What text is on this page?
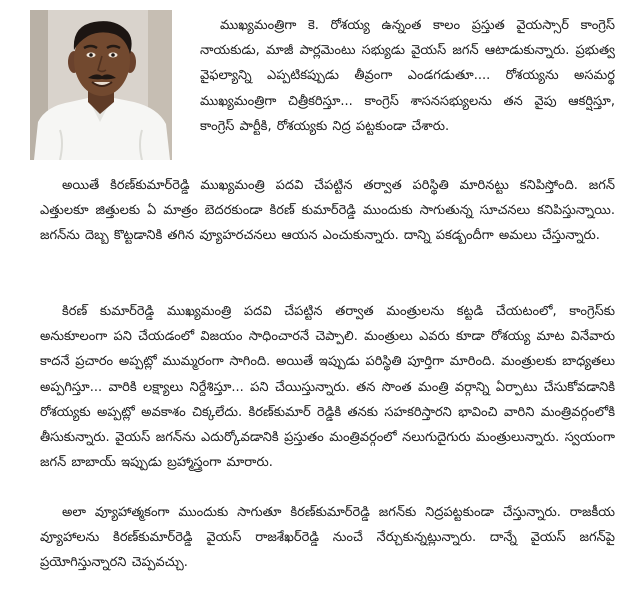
ముఖ్యమంత్రిగా కె. రోశయ్య ఉన్నంత కాలం ప్రస్తుత వైయస్సార్ కాంగ్రెస్ నాయకుడు, మాజీ పార్లమెంటు సభ్యుడు వైయస్ జగన్ ఆటాడుకున్నారు. ప్రభుత్వ వైఫల్యాన్ని ఎప్పటికప్పుడు తీవ్రంగా ఎండగడుతూ.... రోశయ్యను అసమర్థ ముఖ్యమంత్రిగా చిత్రీకరిస్తూ... కాంగ్రెస్ శాసనసభ్యులను తన వైపు ఆకర్షిస్తూ, కాంగ్రెస్ పార్టీకి, రోశయ్యకు నిద్ర పట్టకుండా చేశారు.

అయితే కిరణ్‌కుమార్‌రెడ్డి ముఖ్యమంత్రి పదవి చేపట్టిన తర్వాత పరిస్థితి మారినట్టు కనిపిస్తోంది. జగన్ ఎత్తులకూ జిత్తులకు ఏ మాత్రం బెదరకుండా కిరణ్ కుమార్‌రెడ్డి ముందుకు సాగుతున్న సూచనలు కనిపిస్తున్నాయి. జగన్‌ను దెబ్బ కొట్టడానికి తగిన వ్యూహరచనలు ఆయన ఎంచుకున్నారు. దాన్ని పకడ్బందీగా అమలు చేస్తున్నారు.

కిరణ్ కుమార్‌రెడ్డి ముఖ్యమంత్రి పదవి చేపట్టిన తర్వాత మంత్రులను కట్టడి చేయటంలో, కాంగ్రెస్‌కు అనుకూలంగా పని చేయడంలో విజయం సాధించారనే చెప్పాలి. మంత్రులు ఎవరు కూడా రోశయ్య మాట వినేవారు కాదనే ప్రచారం అప్పట్లో ముమ్మరంగా సాగింది. అయితే ఇప్పుడు పరిస్థితి పూర్తిగా మారింది. మంత్రులకు బాధ్యతలు అప్పగిస్తూ... వారికి లక్ష్యాలు నిర్దేశిస్తూ... పని చేయిస్తున్నారు. తన సొంత మంత్రి వర్గాన్ని ఏర్పాటు చేసుకోవడానికి రోశయ్యకు అప్పట్లో అవకాశం చిక్కలేదు. కిరణ్‌కుమార్ రెడ్డికి తనకు సహకరిస్తారని భావించి వారిని మంత్రివర్గంలోకి తీసుకున్నారు. వైయస్ జగన్‌ను ఎదుర్కోవడానికి ప్రస్తుతం మంత్రివర్గంలో నలుగుదైగురు మంత్రులున్నారు. స్వయంగా జగన్ బాబాయ్ ఇప్పుడు బ్రహ్మాస్త్రంగా మారారు.

అలా వ్యూహాత్మకంగా ముందుకు సాగుతూ కిరణ్‌కుమార్‌రెడ్డి జగన్‌కు నిద్రపట్టకుండా చేస్తున్నారు. రాజకీయ వ్యూహాలను కిరణ్‌కుమార్‌రెడ్డి వైయస్ రాజశేఖర్‌రెడ్డి నుంచే నేర్చుకున్నట్లున్నారు. దాన్నే వైయస్ జగన్‌పై ప్రయోగిస్తున్నారని చెప్పవచ్చు.
